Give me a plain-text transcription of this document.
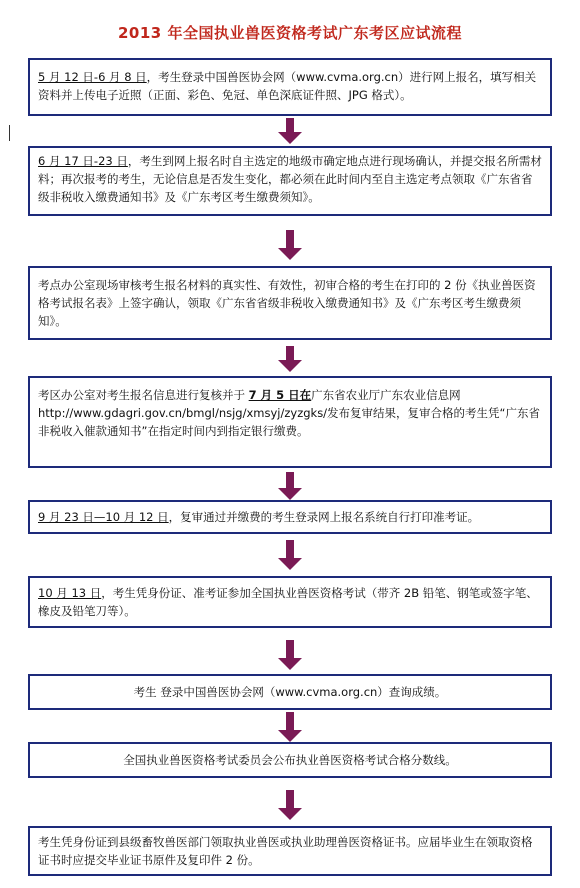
2013 年全国执业兽医资格考试广东考区应试流程

5 月 12 日-6 月 8 日，考生登录中国兽医协会网（www.cvma.org.cn）进行网上报名，填写相关资料并上传电子近照（正面、彩色、免冠、单色深底证件照、JPG 格式）。

6 月 17 日-23 日，考生到网上报名时自主选定的地级市确定地点进行现场确认，并提交报名所需材料；再次报考的考生，无论信息是否发生变化，都必须在此时间内至自主选定考点领取《广东省省级非税收入缴费通知书》及《广东考区考生缴费须知》。

考点办公室现场审核考生报名材料的真实性、有效性，初审合格的考生在打印的 2 份《执业兽医资格考试报名表》上签字确认，领取《广东省省级非税收入缴费通知书》及《广东考区考生缴费须知》。

考区办公室对考生报名信息进行复核并于 7 月 5 日在广东省农业厅广东农业信息网 http://www.gdagri.gov.cn/bmgl/nsjg/xmsyj/zyzgks/发布复审结果，复审合格的考生凭“广东省非税收入催款通知书”在指定时间内到指定银行缴费。

9 月 23 日—10 月 12 日，复审通过并缴费的考生登录网上报名系统自行打印准考证。

10 月 13 日，考生凭身份证、准考证参加全国执业兽医资格考试（带齐 2B 铅笔、钢笔或签字笔、橡皮及铅笔刀等）。

考生 登录中国兽医协会网（www.cvma.org.cn）查询成绩。

全国执业兽医资格考试委员会公布执业兽医资格考试合格分数线。

考生凭身份证到县级畜牧兽医部门领取执业兽医或执业助理兽医资格证书。应届毕业生在领取资格证书时应提交毕业证书原件及复印件 2 份。
